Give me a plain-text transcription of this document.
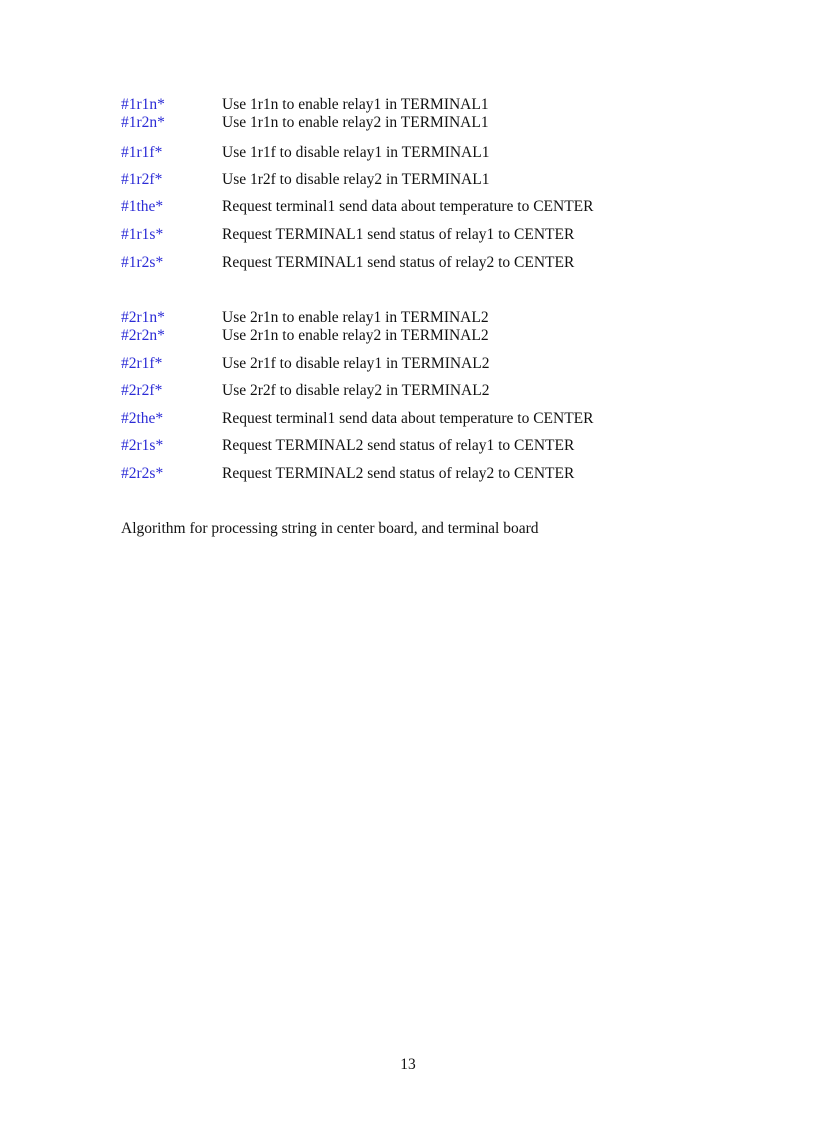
#1r1n*	Use 1r1n to enable relay1 in TERMINAL1
#1r2n*	Use 1r1n to enable relay2 in TERMINAL1
#1r1f*	Use 1r1f to disable relay1 in TERMINAL1
#1r2f*	Use 1r2f to disable relay2 in TERMINAL1
#1the*	Request terminal1 send data about temperature to CENTER
#1r1s*	Request TERMINAL1 send status of relay1 to CENTER
#1r2s*	Request TERMINAL1 send status of relay2 to CENTER
#2r1n*	Use 2r1n to enable relay1 in TERMINAL2
#2r2n*	Use 2r1n to enable relay2 in TERMINAL2
#2r1f*	Use 2r1f to disable relay1 in TERMINAL2
#2r2f*	Use 2r2f to disable relay2 in TERMINAL2
#2the*	Request terminal1 send data about temperature to CENTER
#2r1s*	Request TERMINAL2 send status of relay1 to CENTER
#2r2s*	Request TERMINAL2 send status of relay2 to CENTER
Algorithm for processing string in center board, and terminal board
13
